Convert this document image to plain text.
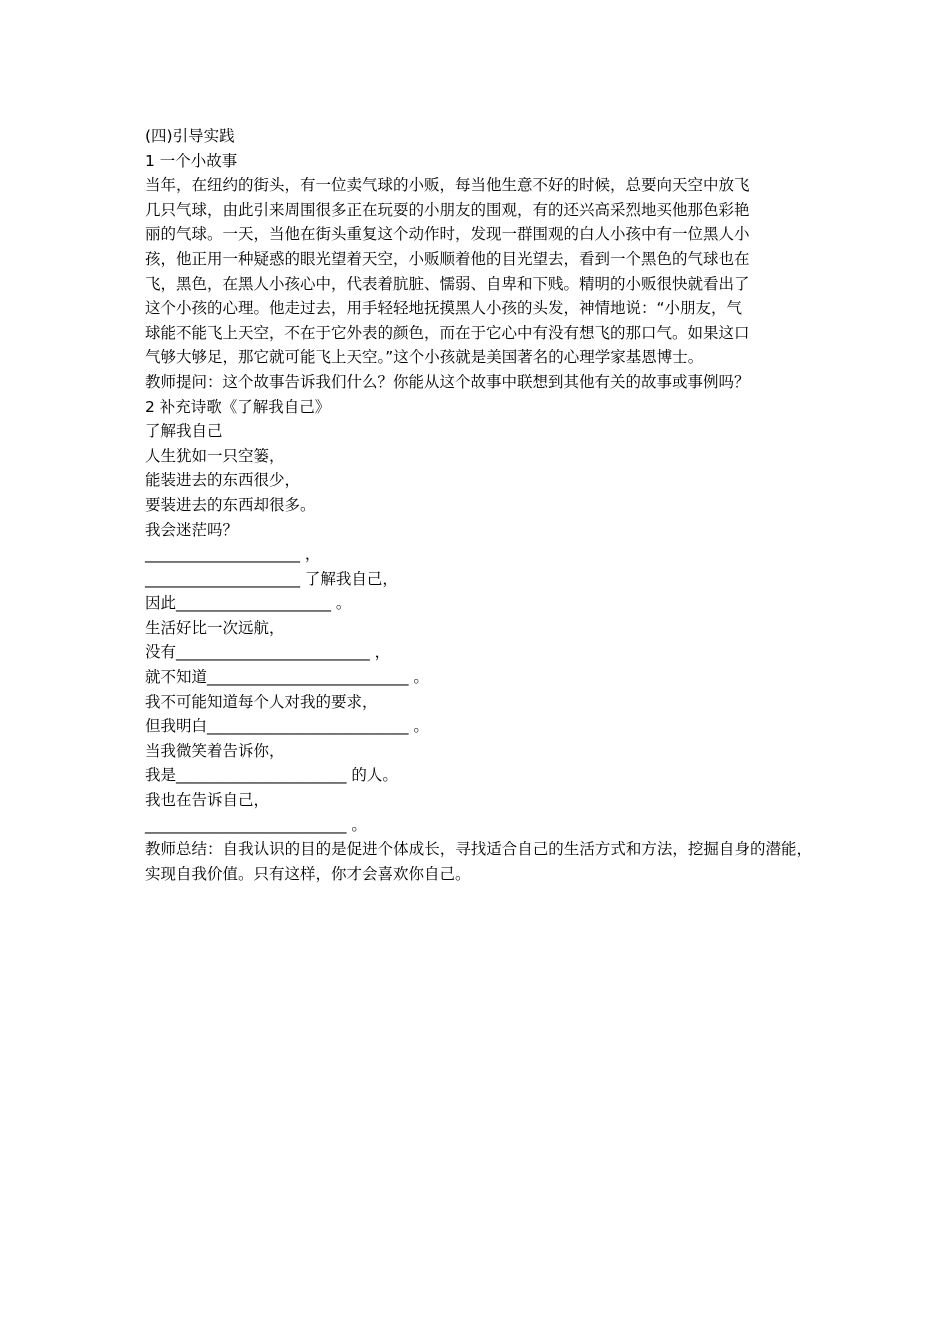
(四)引导实践
1 一个小故事
当年，在纽约的街头，有一位卖气球的小贩，每当他生意不好的时候，总要向天空中放飞
几只气球，由此引来周围很多正在玩耍的小朋友的围观，有的还兴高采烈地买他那色彩艳
丽的气球。一天，当他在街头重复这个动作时，发现一群围观的白人小孩中有一位黑人小
孩，他正用一种疑惑的眼光望着天空，小贩顺着他的目光望去，看到一个黑色的气球也在
飞，黑色，在黑人小孩心中，代表着肮脏、懦弱、自卑和下贱。精明的小贩很快就看出了
这个小孩的心理。他走过去，用手轻轻地抚摸黑人小孩的头发，神情地说：“小朋友，气
球能不能飞上天空，不在于它外表的颜色，而在于它心中有没有想飞的那口气。如果这口
气够大够足，那它就可能飞上天空。”这个小孩就是美国著名的心理学家基恩博士。
教师提问：这个故事告诉我们什么？你能从这个故事中联想到其他有关的故事或事例吗？
2 补充诗歌《了解我自己》
了解我自己
人生犹如一只空篓，
能装进去的东西很少，
要装进去的东西却很多。
我会迷茫吗？
____________________ ，
____________________ 了解我自己，
因此____________________ 。
生活好比一次远航，
没有_________________________ ，
就不知道__________________________ 。
我不可能知道每个人对我的要求，
但我明白__________________________ 。
当我微笑着告诉你，
我是______________________ 的人。
我也在告诉自己，
__________________________ 。
教师总结：自我认识的目的是促进个体成长，寻找适合自己的生活方式和方法，挖掘自身的潜能，实现自我价值。只有这样，你才会喜欢你自己。
